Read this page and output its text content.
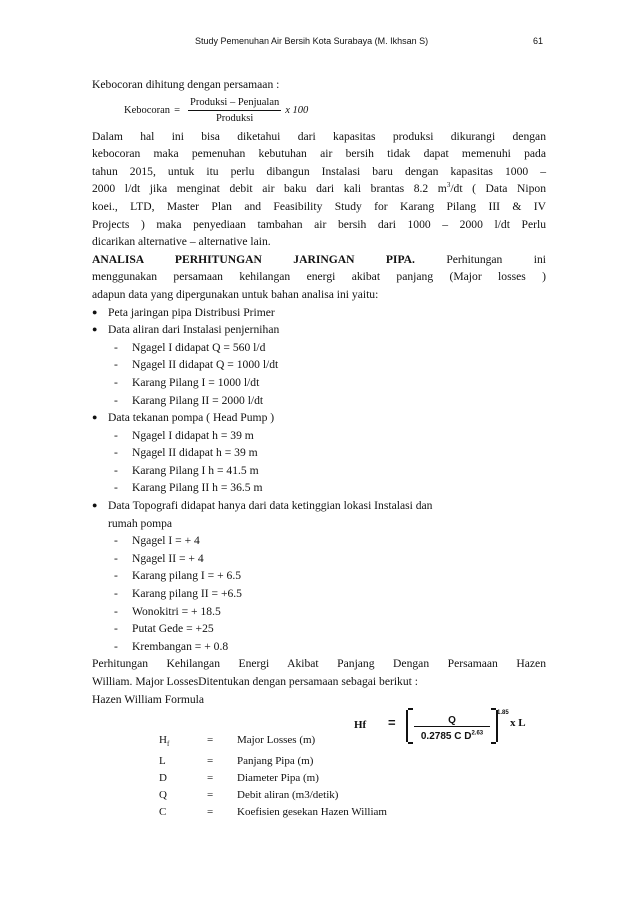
Study Pemenuhan Air Bersih Kota Surabaya (M. Ikhsan S)	61

Kebocoran dihitung dengan persamaan :

Kebocoran = $\frac{\text{Produksi – Penjualan}}{\text{Produksi}}$ x 100

Dalam hal ini bisa diketahui dari kapasitas produksi dikurangi dengan

kebocoran maka pemenuhan kebutuhan air bersih tidak dapat memenuhi pada

tahun 2015, untuk itu perlu dibangun Instalasi baru dengan kapasitas 1000 –

2000 l/dt jika menginat debit air baku dari kali brantas 8.2 $m^3/dt$ ( Data Nipon

koei., LTD, Master Plan and Feasibility Study for Karang Pilang III & IV

Projects ) maka penyediaan tambahan air bersih dari 1000 – 2000 l/dt Perlu

dicarikan alternative – alternative lain.

ANALISA PERHITUNGAN JARINGAN PIPA. Perhitungan ini

menggunakan persamaan kehilangan energi akibat panjang (Major losses )

adapun data yang dipergunakan untuk bahan analisa ini yaitu:

● Peta jaringan pipa Distribusi Primer
● Data aliran dari Instalasi penjernihan
-	Ngagel I didapat Q = 560 l/d
-	Ngagel II didapat Q = 1000 l/dt
-	Karang Pilang I = 1000 l/dt
-	Karang Pilang II = 2000 l/dt
● Data tekanan pompa ( Head Pump )
-	Ngagel I didapat h = 39 m
-	Ngagel II didapat h = 39 m
-	Karang Pilang I h = 41.5 m
-	Karang Pilang II h = 36.5 m
● Data Topografi didapat hanya dari data ketinggian lokasi Instalasi dan
rumah pompa
-	Ngagel I = + 4
-	Ngagel II = + 4
-	Karang pilang I = + 6.5
-	Karang pilang II = +6.5
-	Wonokitri = + 18.5
-	Putat Gede = +25
-	Krembangan = + 0.8

Perhitungan Kehilangan Energi Akibat Panjang Dengan Persamaan Hazen

William. Major LossesDitentukan dengan persamaan sebagai berikut :

Hazen William Formula

$H_f$	=	Major Losses (m)
L	=	Panjang Pipa (m)
D	=	Diameter Pipa (m)
Q	=	Debit aliran (m3/detik)
C	=	Koefisien gesekan Hazen William
Hf =	Q
0.2785 C $D^{2.63}$
1.85
x L
